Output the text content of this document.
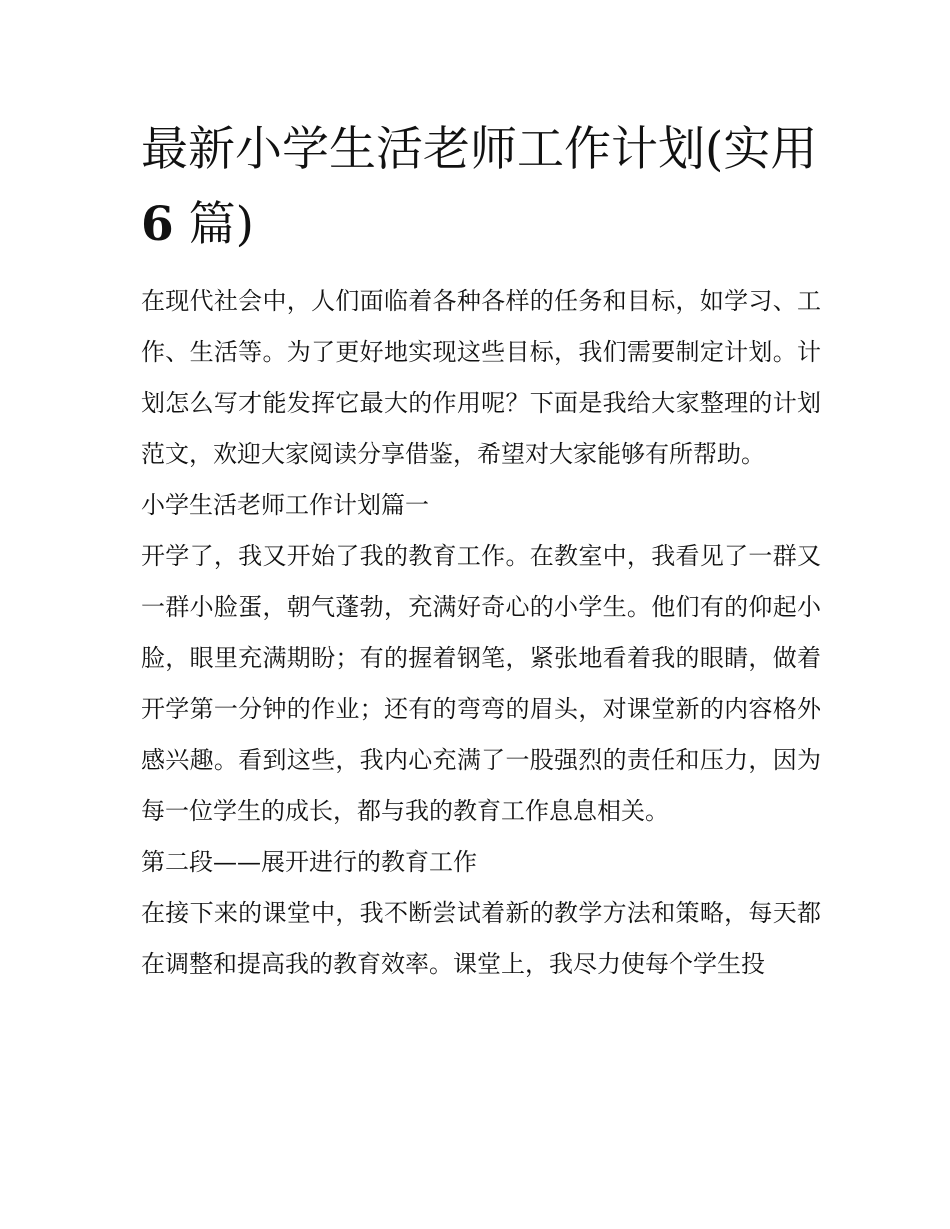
最新小学生活老师工作计划(实用 6 篇)

在现代社会中，人们面临着各种各样的任务和目标，如学习、工作、生活等。为了更好地实现这些目标，我们需要制定计划。计划怎么写才能发挥它最大的作用呢？下面是我给大家整理的计划范文，欢迎大家阅读分享借鉴，希望对大家能够有所帮助。

小学生活老师工作计划篇一

开学了，我又开始了我的教育工作。在教室中，我看见了一群又一群小脸蛋，朝气蓬勃，充满好奇心的小学生。他们有的仰起小脸，眼里充满期盼；有的握着钢笔，紧张地看着我的眼睛，做着开学第一分钟的作业；还有的弯弯的眉头，对课堂新的内容格外感兴趣。看到这些，我内心充满了一股强烈的责任和压力，因为每一位学生的成长，都与我的教育工作息息相关。

第二段——展开进行的教育工作

在接下来的课堂中，我不断尝试着新的教学方法和策略，每天都在调整和提高我的教育效率。课堂上，我尽力使每个学生投
